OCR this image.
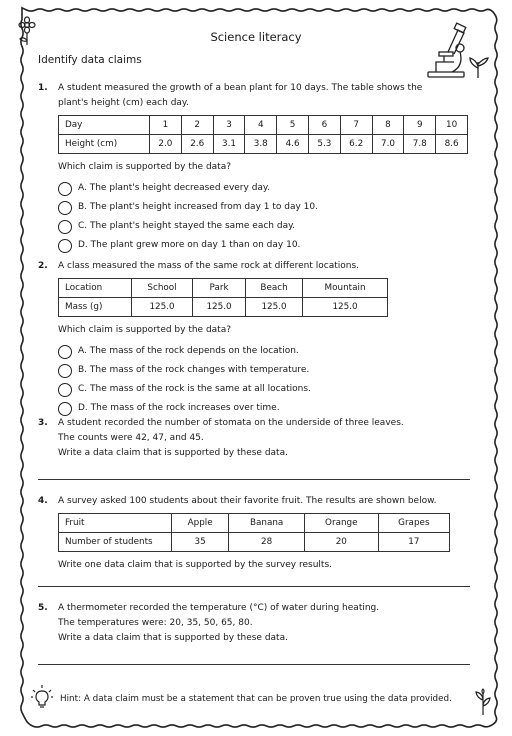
Science literacy
Identify data claims
1. A student measured the growth of a bean plant for 10 days. The table shows the

plant's height (cm) each day.

Day	1	2	3	4	5	6	7	8	9	10
Height (cm)	2.0	2.6	3.1	3.8	4.6	5.3	6.2	7.0	7.8	8.6

Which claim is supported by the data?

A. The plant's height decreased every day.
B. The plant's height increased from day 1 to day 10.
C. The plant's height stayed the same each day.
D. The plant grew more on day 1 than on day 10.
2. A class measured the mass of the same rock at different locations.

Location	School	Park	Beach	Mountain
Mass (g)	125.0	125.0	125.0	125.0

Which claim is supported by the data?

A. The mass of the rock depends on the location.
B. The mass of the rock changes with temperature.
C. The mass of the rock is the same at all locations.
D. The mass of the rock increases over time.
3. A student recorded the number of stomata on the underside of three leaves.

The counts were 42, 47, and 45.

Write a data claim that is supported by these data.

4. A survey asked 100 students about their favorite fruit. The results are shown below.

Fruit	Apple	Banana	Orange	Grapes
Number of students	35	28	20	17

Write one data claim that is supported by the survey results.

5. A thermometer recorded the temperature (°C) of water during heating.

The temperatures were: 20, 35, 50, 65, 80.

Write a data claim that is supported by these data.

Hint: A data claim must be a statement that can be proven true using the data provided.
